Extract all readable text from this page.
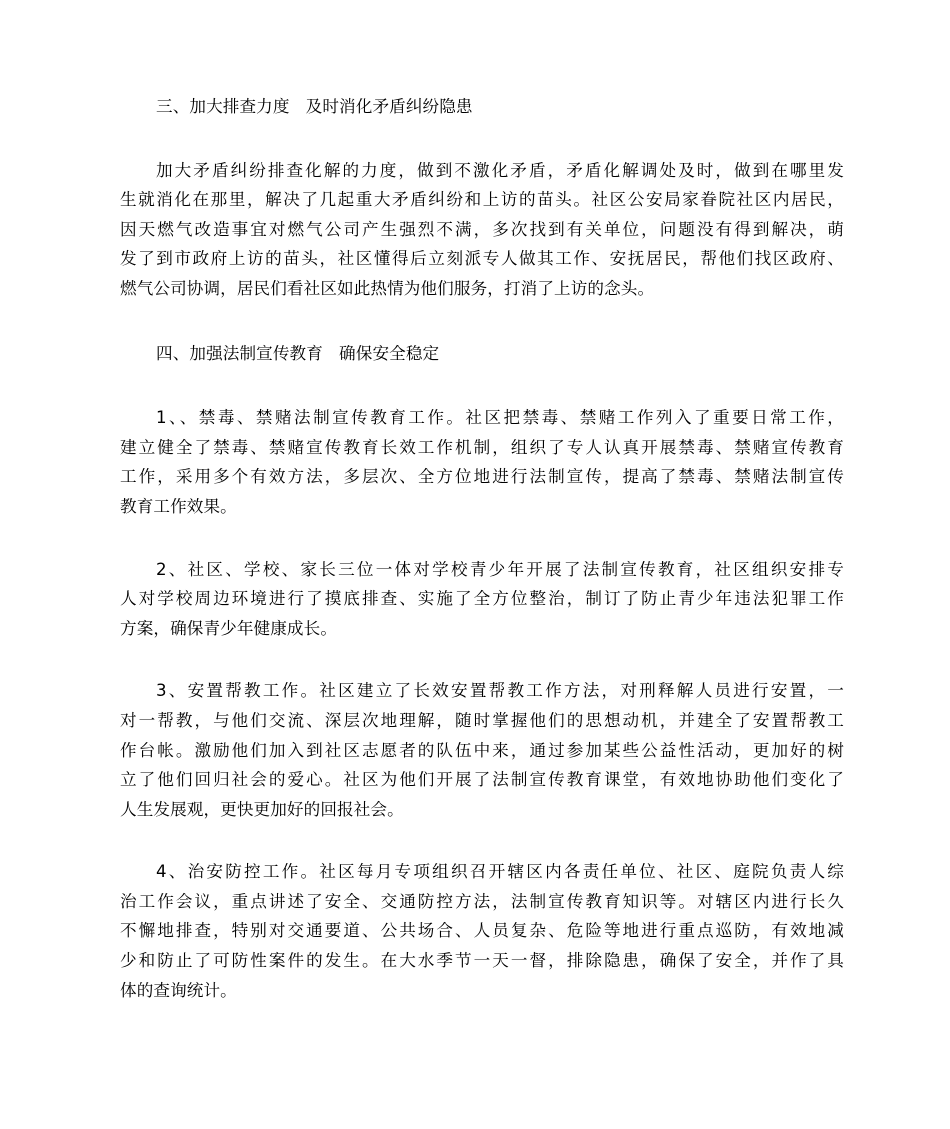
三、加大排查力度   及时消化矛盾纠纷隐患

加大矛盾纠纷排查化解的力度，做到不激化矛盾，矛盾化解调处及时，做到在哪里发
生就消化在那里，解决了几起重大矛盾纠纷和上访的苗头。社区公安局家眷院社区内居民，
因天燃气改造事宜对燃气公司产生强烈不满，多次找到有关单位，问题没有得到解决，萌
发了到市政府上访的苗头，社区懂得后立刻派专人做其工作、安抚居民，帮他们找区政府、
燃气公司协调，居民们看社区如此热情为他们服务，打消了上访的念头。

四、加强法制宣传教育   确保安全稳定

1、、禁毒、禁赌法制宣传教育工作。社区把禁毒、禁赌工作列入了重要日常工作，
建立健全了禁毒、禁赌宣传教育长效工作机制，组织了专人认真开展禁毒、禁赌宣传教育
工作，采用多个有效方法，多层次、全方位地进行法制宣传，提高了禁毒、禁赌法制宣传
教育工作效果。
2、社区、学校、家长三位一体对学校青少年开展了法制宣传教育，社区组织安排专
人对学校周边环境进行了摸底排查、实施了全方位整治，制订了防止青少年违法犯罪工作
方案，确保青少年健康成长。
3、安置帮教工作。社区建立了长效安置帮教工作方法，对刑释解人员进行安置，一
对一帮教，与他们交流、深层次地理解，随时掌握他们的思想动机，并建全了安置帮教工
作台帐。激励他们加入到社区志愿者的队伍中来，通过参加某些公益性活动，更加好的树
立了他们回归社会的爱心。社区为他们开展了法制宣传教育课堂，有效地协助他们变化了
人生发展观，更快更加好的回报社会。
4、治安防控工作。社区每月专项组织召开辖区内各责任单位、社区、庭院负责人综
治工作会议，重点讲述了安全、交通防控方法，法制宣传教育知识等。对辖区内进行长久
不懈地排查，特别对交通要道、公共场合、人员复杂、危险等地进行重点巡防，有效地减
少和防止了可防性案件的发生。在大水季节一天一督，排除隐患，确保了安全，并作了具
体的查询统计。
